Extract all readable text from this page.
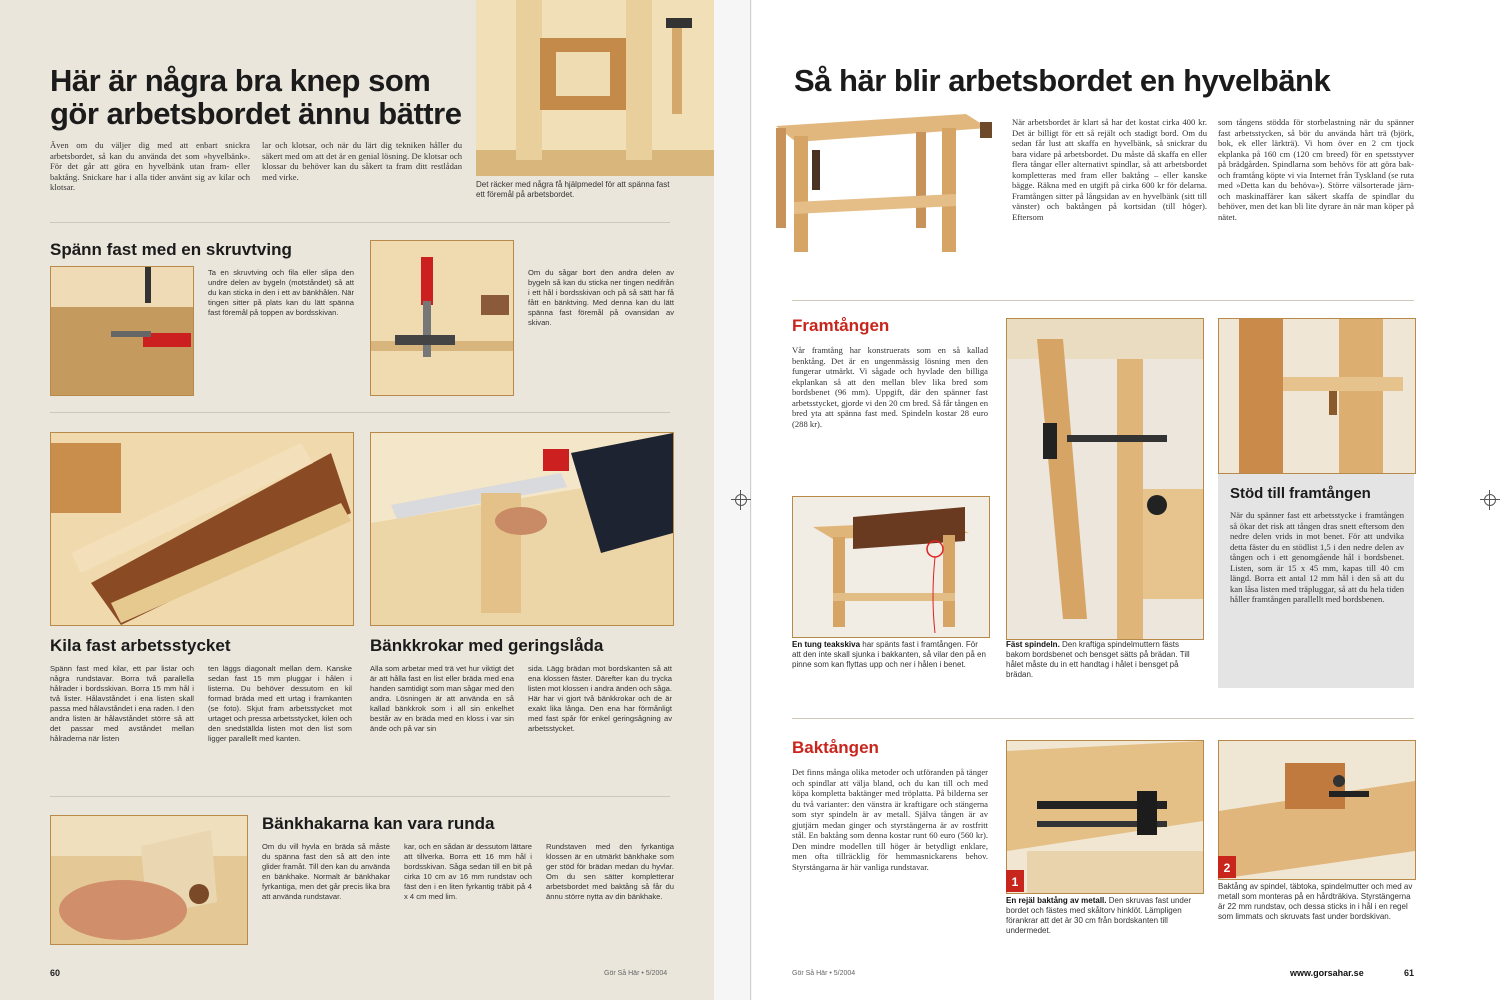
Här är några bra knep som
gör arbetsbordet ännu bättre
Även om du väljer dig med att enbart snickra arbetsbordet, så kan du använda det som »hyvelbänk». För det går att göra en hyvelbänk utan fram- eller baktång. Snickare har i alla tider använt sig av kilar och klotsar.
lar och klotsar, och när du lärt dig tekniken håller du säkert med om att det är en genial lösning. De klotsar och klossar du behöver kan du såkert ta fram ditt restlådan med virke.
Det räcker med några få hjälpmedel för att spänna fast ett föremål på arbetsbordet.
Spänn fast med en skruvtving
Ta en skruvtving och fila eller slipa den undre delen av bygeln (motståndet) så att du kan sticka in den i ett av bänkhålen. När tingen sitter på plats kan du lätt spänna fast föremål på toppen av bordsskivan.
Om du sågar bort den andra delen av bygeln så kan du sticka ner tingen nedifrån i ett hål i bordsskivan och på så sätt har få fått en bänktving. Med denna kan du lätt spänna fast föremål på ovansidan av skivan.
Kila fast arbetsstycket
Spänn fast med kilar, ett par listar och några rundstavar. Borra två parallella hålrader i bordsskivan. Borra 15 mm hål i två lister. Hålavståndet i ena listen skall passa med hålavståndet i ena raden. I den andra listen är hålavståndet större så att det passar med avståndet mellan hålraderna när listen
ten läggs diagonalt mellan dem. Kanske sedan fast 15 mm pluggar i hålen i listerna. Du behöver dessutom en kil formad bräda med ett urtag i framkanten (se foto). Skjut fram arbetsstycket mot urtaget och pressa arbetsstycket, kilen och den snedställda listen mot den list som ligger parallellt med kanten.
Bänkkrokar med geringslåda
Alla som arbetar med trä vet hur viktigt det är att hålla fast en list eller bräda med ena handen samtidigt som man sågar med den andra. Lösningen är att använda en så kallad bänkkrok som i all sin enkelhet består av en bräda med en kloss i var sin ände och på var sin
sida. Lägg brädan mot bordskanten så att ena klossen fäster. Därefter kan du trycka listen mot klossen i andra änden och såga. Här har vi gjort två bänkkrokar och de är exakt lika långa. Den ena har förmånligt med fast spår för enkel geringsågning av arbetsstycket.
Bänkhakarna kan vara runda
Om du vill hyvla en bräda så måste du spänna fast den så att den inte glider framåt. Till den kan du använda en bänkhake. Normalt är bänkhakar fyrkantiga, men det går precis lika bra att använda rundstavar.
kar, och en sådan är dessutom lättare att tillverka. Borra ett 16 mm hål i bordsskivan. Såga sedan till en bit på cirka 10 cm av 16 mm rundstav och fäst den i en liten fyrkantig träbit på 4 x 4 cm med lim.
Rundstaven med den fyrkantiga klossen är en utmärkt bänkhake som ger stöd för brädan medan du hyvlar. Om du sen sätter kompletterar arbetsbordet med baktång så får du ännu större nytta av din bänkhake.
60	Gör Så Här • 5/2004
Så här blir arbetsbordet en hyvelbänk
När arbetsbordet är klart så har det kostat cirka 400 kr. Det är billigt för ett så rejält och stadigt bord. Om du sedan får lust att skaffa en hyvelbänk, så snickrar du bara vidare på arbetsbordet. Du måste då skaffa en eller flera tångar eller alternativt spindlar, så att arbetsbordet kompletteras med fram eller baktång – eller kanske bägge. Räkna med en utgift på cirka 600 kr för delarna. Framtången sitter på långsidan av en hyvelbänk (sitt till vänster) och baktången på kortsidan (till höger). Eftersom
som tångens stödda för storbelastning när du spänner fast arbetsstycken, så bör du använda hårt trä (björk, bok, ek eller lärkträ). Vi hom över en 2 cm tjock ekplanka på 160 cm (120 cm breed) för en spetsstyver på brädgården. Spindlarna som behövs för att göra bak- och framtång köpte vi via Internet från Tyskland (se ruta med »Detta kan du behöva»). Större välsorterade järn- och maskinaffärer kan säkert skaffa de spindlar du behöver, men det kan bli lite dyrare än när man köper på nätet.
Framtången
Vår framtång har konstruerats som en så kallad benktång. Det är en ungenmässig lösning men den fungerar utmärkt. Vi sågade och hyvlade den billiga ekplankan så att den mellan blev lika bred som bordsbenet (96 mm). Uppgift, där den spänner fast arbetsstycket, gjorde vi den 20 cm bred. Så får tången en bred yta att spänna fast med. Spindeln kostar 28 euro (288 kr).
En tung teakskiva har spänts fast i framtången. För att den inte skall sjunka i bakkanten, så vilar den på en pinne som kan flyttas upp och ner i hålen i benet.
Fäst spindeln. Den kraftiga spindelmuttern fästs bakom bordsbenet och bensget sätts på brädan. Till hålet måste du in ett handtag i hålet i bensget på brädan.
Stöd till framtången
När du spänner fast ett arbetsstycke i framtången så ökar det risk att tången dras snett eftersom den nedre delen vrids in mot benet. För att undvika detta fäster du en stödlist 1,5 i den nedre delen av tången och i ett genomgående hål i bordsbenet. Listen, som är 15 x 45 mm, kapas till 40 cm längd. Borra ett antal 12 mm hål i den så att du kan låsa listen med träpluggar, så att du hela tiden håller framtången parallellt med bordsbenen.
Baktången
Det finns många olika metoder och utföranden på tänger och spindlar att välja bland, och du kan till och med köpa kompletta baktänger med tröplatta. På bilderna ser du två varianter: den vänstra är kraftigare och stängerna som styr spindeln är av metall. Själva tången är av gjutjärn medan ginger och styrstängerna är av rostfritt stål. En baktång som denna kostar runt 60 euro (560 kr). Den mindre modellen till höger är betydligt enklare, men ofta tillräcklig för hemmasnickarens behov. Styrstängarna är här vanliga rundstavar.
1
En rejäl baktång av metall. Den skruvas fast under bordet och fästes med skåltorv hinklöt. Lämpligen förankrar att det är 30 cm från bordskanten till undermedet.
2
Baktång av spindel, täbtoka, spindelmutter och med av metall som monteras på en hårdträkiva. Styrstängerna är 22 mm rundstav, och dessa sticks in i hål i en regel som limmats och skruvats fast under bordskivan.
Gör Så Här • 5/2004	www.gorsahar.se	61
